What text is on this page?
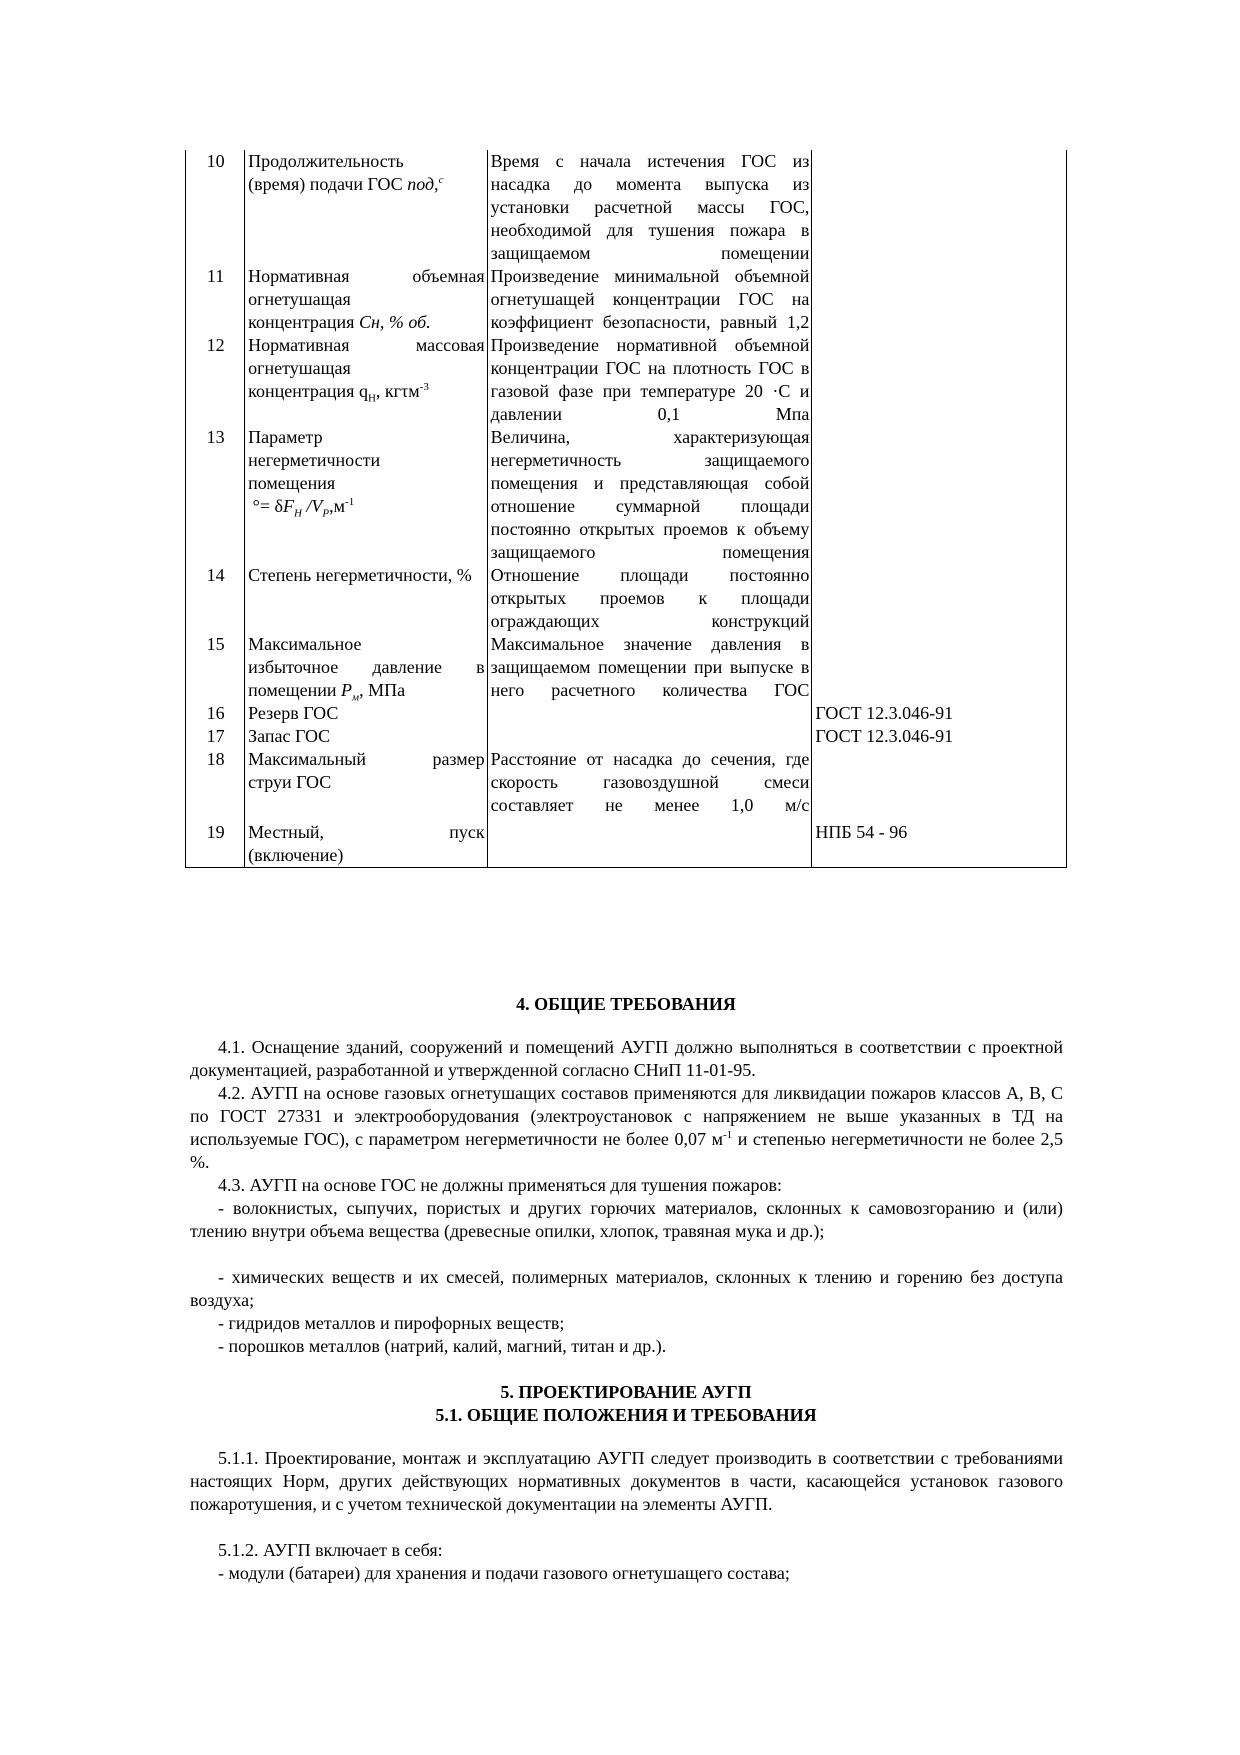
10	Продолжительность
(время) подачи ГОС под,$^с$	Время с начала истечения ГОС из насадка до момента выпуска из установки расчетной массы ГОС, необходимой для тушения пожара в защищаемом помещении	
11	Нормативная объемная
огнетушащая
концентрация Сн, % об.	Произведение минимальной объемной огнетушащей концентрации ГОС на коэффициент безопасности, равный 1,2	
12	Нормативная массовая
огнетушащая
концентрация $q_Н$, кгτм$^{-3}$	Произведение нормативной объемной концентрации ГОС на плотность ГОС в газовой фазе при температуре 20 ·С и давлении 0,1 Мпа	
13	Параметр
негерметичности
помещения
°= $\delta F_Н$ $/V_Р,м^{-1}$	Величина, характеризующая негерметичность защищаемого помещения и представляющая собой отношение суммарной площади постоянно открытых проемов к объему защищаемого помещения	
14	Степень негерметичности, %	Отношение площади постоянно открытых проемов к площади ограждающих конструкций	
15	Максимальное

избыточное давление в
помещении $Р_м$, МПа	Максимальное значение давления в защищаемом помещении при выпуске в него расчетного количества ГОС	
16	Резерв ГОС		ГОСТ 12.3.046-91
17	Запас ГОС		ГОСТ 12.3.046-91
18	Максимальный размер
струи ГОС	Расстояние от насадка до сечения, где скорость газовоздушной смеси составляет не менее 1,0 м/с	
19	Местный, пуск
(включение)		НПБ 54 - 96
4. ОБЩИЕ ТРЕБОВАНИЯ

4.1. Оснащение зданий, сооружений и помещений АУГП должно выполняться в соответствии с проектной документацией, разработанной и утвержденной согласно СНиП 11-01-95.

4.2. АУГП на основе газовых огнетушащих составов применяются для ликвидации пожаров классов А, В, С по ГОСТ 27331 и электрооборудования (электроустановок с напряжением не выше указанных в ТД на используемые ГОС), с параметром негерметичности не более 0,07 $м^{-1}$ и степенью негерметичности не более 2,5 %.

4.3. АУГП на основе ГОС не должны применяться для тушения пожаров:

- волокнистых, сыпучих, пористых и других горючих материалов, склонных к самовозгоранию и (или) тлению внутри объема вещества (древесные опилки, хлопок, травяная мука и др.);

- химических веществ и их смесей, полимерных материалов, склонных к тлению и горению без доступа воздуха;

- гидридов металлов и пирофорных веществ;

- порошков металлов (натрий, калий, магний, титан и др.).

5. ПРОЕКТИРОВАНИЕ АУГП
5.1. ОБЩИЕ ПОЛОЖЕНИЯ И ТРЕБОВАНИЯ

5.1.1. Проектирование, монтаж и эксплуатацию АУГП следует производить в соответствии с требованиями настоящих Норм, других действующих нормативных документов в части, касающейся установок газового пожаротушения, и с учетом технической документации на элементы АУГП.

5.1.2. АУГП включает в себя:

- модули (батареи) для хранения и подачи газового огнетушащего состава;
